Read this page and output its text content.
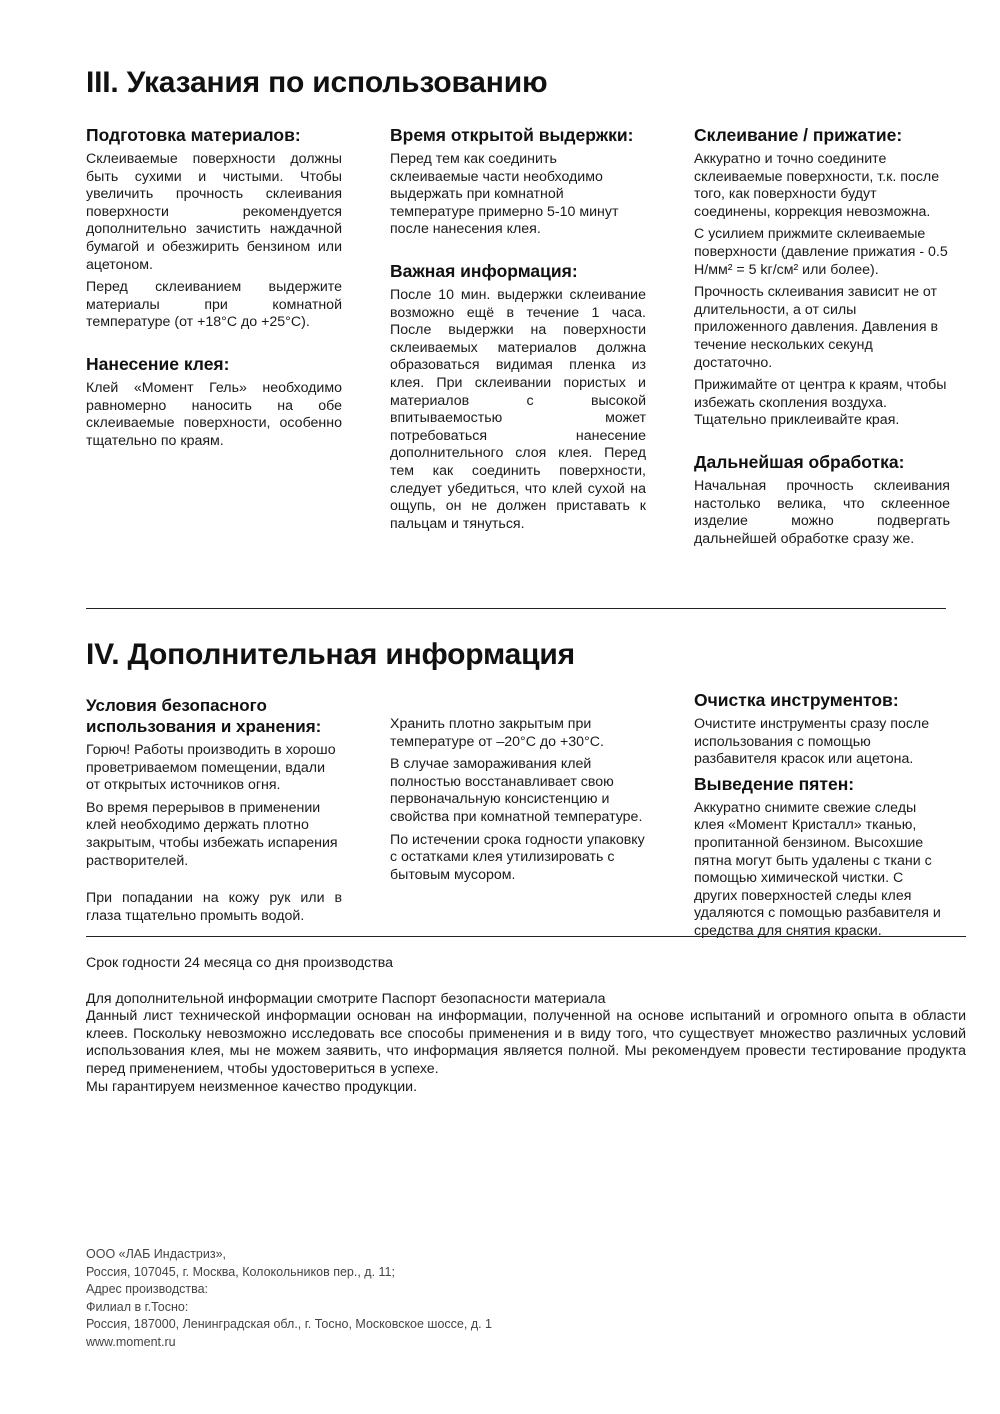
III. Указания по использованию
Подготовка материалов:

Склеиваемые поверхности должны быть сухими и чистыми. Чтобы увеличить прочность склеивания поверхности рекомендуется дополнительно зачистить наждачной бумагой и обезжирить бензином или ацетоном.

Перед склеиванием выдержите материалы при комнатной температуре (от +18°С до +25°С).

Нанесение клея:

Клей «Момент Гель» необходимо равномерно наносить на обе склеиваемые поверхности, особенно тщательно по краям.

Время открытой выдержки:

Перед тем как соединить склеиваемые части необходимо выдержать при комнатной температуре примерно 5-10 минут после нанесения клея.

Важная информация:

После 10 мин. выдержки склеивание возможно ещё в течение 1 часа. После выдержки на поверхности склеиваемых материалов должна образоваться видимая пленка из клея. При склеивании пористых и материалов с высокой впитываемостью может потребоваться нанесение дополнительного слоя клея. Перед тем как соединить поверхности, следует убедиться, что клей сухой на ощупь, он не должен приставать к пальцам и тянуться.

Склеивание / прижатие:

Аккуратно и точно соедините склеиваемые поверхности, т.к. после того, как поверхности будут соединены, коррекция невозможна.

С усилием прижмите склеиваемые поверхности (давление прижатия - 0.5 Н/мм² = 5 kг/см² или более).

Прочность склеивания зависит не от длительности, а от силы приложенного давления. Давления в течение нескольких секунд достаточно.

Прижимайте от центра к краям, чтобы избежать скопления воздуха. Тщательно приклеивайте края.

Дальнейшая обработка:

Начальная прочность склеивания настолько велика, что склеенное изделие можно подвергать дальнейшей обработке сразу же.

IV. Дополнительная информация
Условия безопасного использования и хранения:

Горюч! Работы производить в хорошо проветриваемом помещении, вдали от открытых источников огня.

Во время перерывов в применении клей необходимо держать плотно закрытым, чтобы избежать испарения растворителей.

При попадании на кожу рук или в глаза тщательно промыть водой.

Хранить плотно закрытым при температуре от –20°С до +30°С.

В случае замораживания клей полностью восстанавливает свою первоначальную консистенцию и свойства при комнатной температуре.

По истечении срока годности упаковку с остатками клея утилизировать с бытовым мусором.

Очистка инструментов:

Очистите инструменты сразу после использования с помощью разбавителя красок или ацетона.

Выведение пятен:

Аккуратно снимите свежие следы клея «Момент Кристалл» тканью, пропитанной бензином. Высохшие пятна могут быть удалены с ткани с помощью химической чистки. С других поверхностей следы клея удаляются с помощью разбавителя и средства для снятия краски.

Срок годности 24 месяца со дня производства

Для дополнительной информации смотрите Паспорт безопасности материала

Данный лист технической информации основан на информации, полученной на основе испытаний и огромного опыта в области клеев. Поскольку невозможно исследовать все способы применения и в виду того, что существует множество различных условий использования клея, мы не можем заявить, что информация является полной. Мы рекомендуем провести тестирование продукта перед применением, чтобы удостовериться в успехе.

Мы гарантируем неизменное качество продукции.

ООО «ЛАБ Индастриз»,
Россия, 107045, г. Москва, Колокольников пер., д. 11;
Адрес производства:
Филиал в г.Тосно:
Россия, 187000, Ленинградская обл., г. Тосно, Московское шоссе, д. 1
www.moment.ru
